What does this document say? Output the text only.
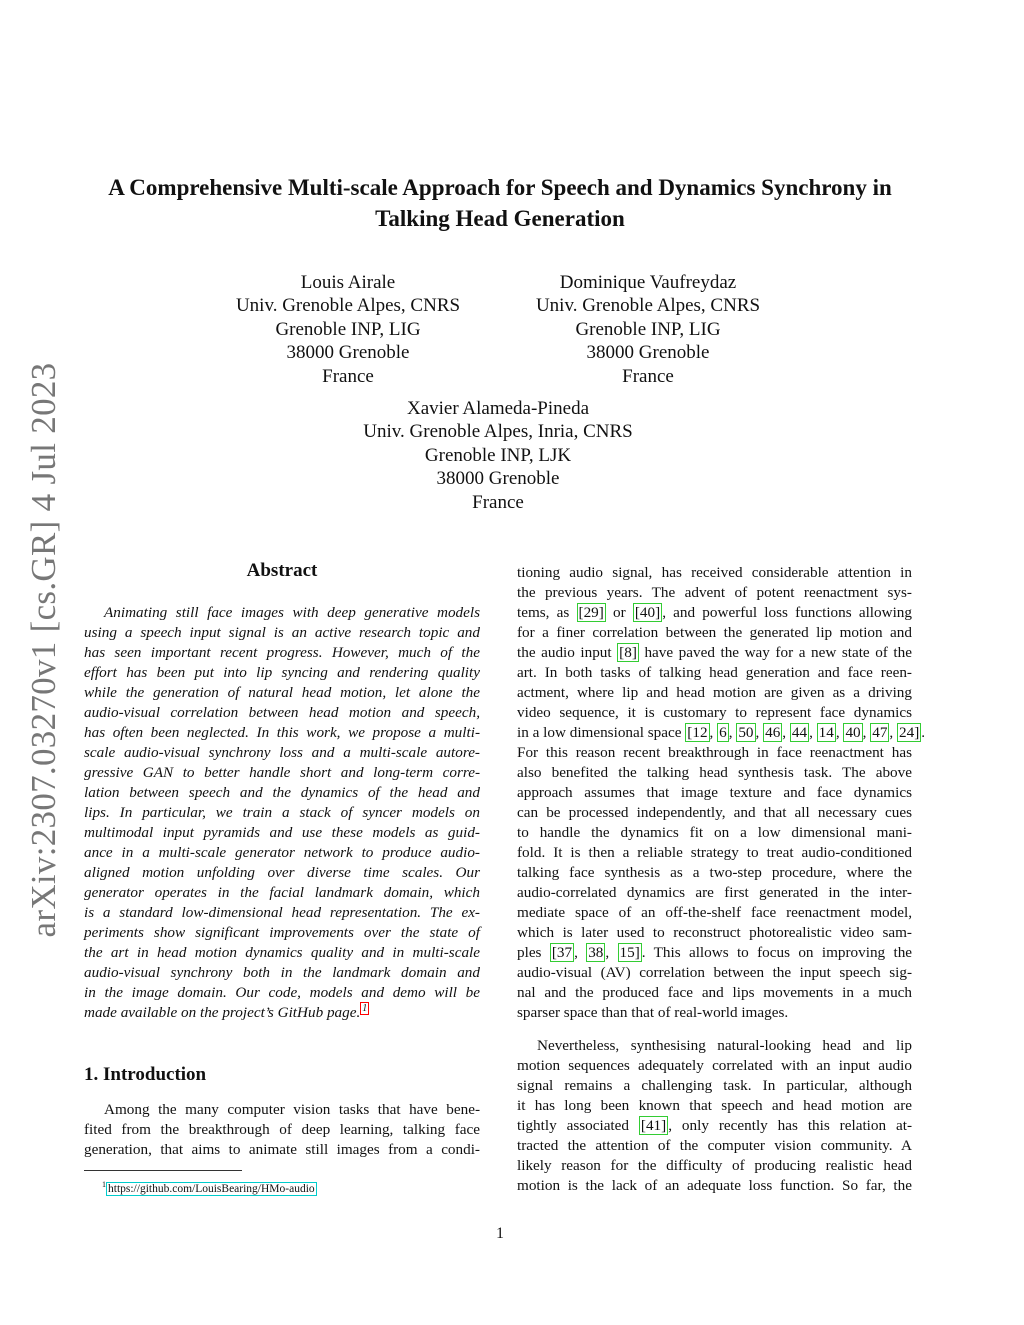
arXiv:2307.03270v1 [cs.GR] 4 Jul 2023
A Comprehensive Multi-scale Approach for Speech and Dynamics Synchrony in
Talking Head Generation
Louis Airale
Univ. Grenoble Alpes, CNRS
Grenoble INP, LIG
38000 Grenoble
France
Dominique Vaufreydaz
Univ. Grenoble Alpes, CNRS
Grenoble INP, LIG
38000 Grenoble
France
Xavier Alameda-Pineda
Univ. Grenoble Alpes, Inria, CNRS
Grenoble INP, LJK
38000 Grenoble
France
Abstract
Animating still face images with deep generative models
using a speech input signal is an active research topic and
has seen important recent progress. However, much of the
effort has been put into lip syncing and rendering quality
while the generation of natural head motion, let alone the
audio-visual correlation between head motion and speech,
has often been neglected. In this work, we propose a multi-
scale audio-visual synchrony loss and a multi-scale autore-
gressive GAN to better handle short and long-term corre-
lation between speech and the dynamics of the head and
lips. In particular, we train a stack of syncer models on
multimodal input pyramids and use these models as guid-
ance in a multi-scale generator network to produce audio-
aligned motion unfolding over diverse time scales. Our
generator operates in the facial landmark domain, which
is a standard low-dimensional head representation. The ex-
periments show significant improvements over the state of
the art in head motion dynamics quality and in multi-scale
audio-visual synchrony both in the landmark domain and
in the image domain. Our code, models and demo will be
made available on the project’s GitHub page. $^1$
1. Introduction
Among the many computer vision tasks that have bene-
fited from the breakthrough of deep learning, talking face
generation, that aims to animate still images from a condi-
$^1$ https://github.com/LouisBearing/HMo-audio
tioning audio signal, has received considerable attention in
the previous years. The advent of potent reenactment sys-
tems, as [29] or [40] , and powerful loss functions allowing
for a finer correlation between the generated lip motion and
the audio input [8] have paved the way for a new state of the
art. In both tasks of talking head generation and face reen-
actment, where lip and head motion are given as a driving
video sequence, it is customary to represent face dynamics
in a low dimensional space [12 , 6 , 50 , 46 , 44 , 14 , 40 , 47 , 24] .
For this reason recent breakthrough in face reenactment has
also benefited the talking head synthesis task. The above
approach assumes that image texture and face dynamics
can be processed independently, and that all necessary cues
to handle the dynamics fit on a low dimensional mani-
fold. It is then a reliable strategy to treat audio-conditioned
talking face synthesis as a two-step procedure, where the
audio-correlated dynamics are first generated in the inter-
mediate space of an off-the-shelf face reenactment model,
which is later used to reconstruct photorealistic video sam-
ples [37 , 38 , 15] . This allows to focus on improving the
audio-visual (AV) correlation between the input speech sig-
nal and the produced face and lips movements in a much
sparser space than that of real-world images.
Nevertheless, synthesising natural-looking head and lip
motion sequences adequately correlated with an input audio
signal remains a challenging task. In particular, although
it has long been known that speech and head motion are
tightly associated [41] , only recently has this relation at-
tracted the attention of the computer vision community. A
likely reason for the difficulty of producing realistic head
motion is the lack of an adequate loss function. So far, the
1
